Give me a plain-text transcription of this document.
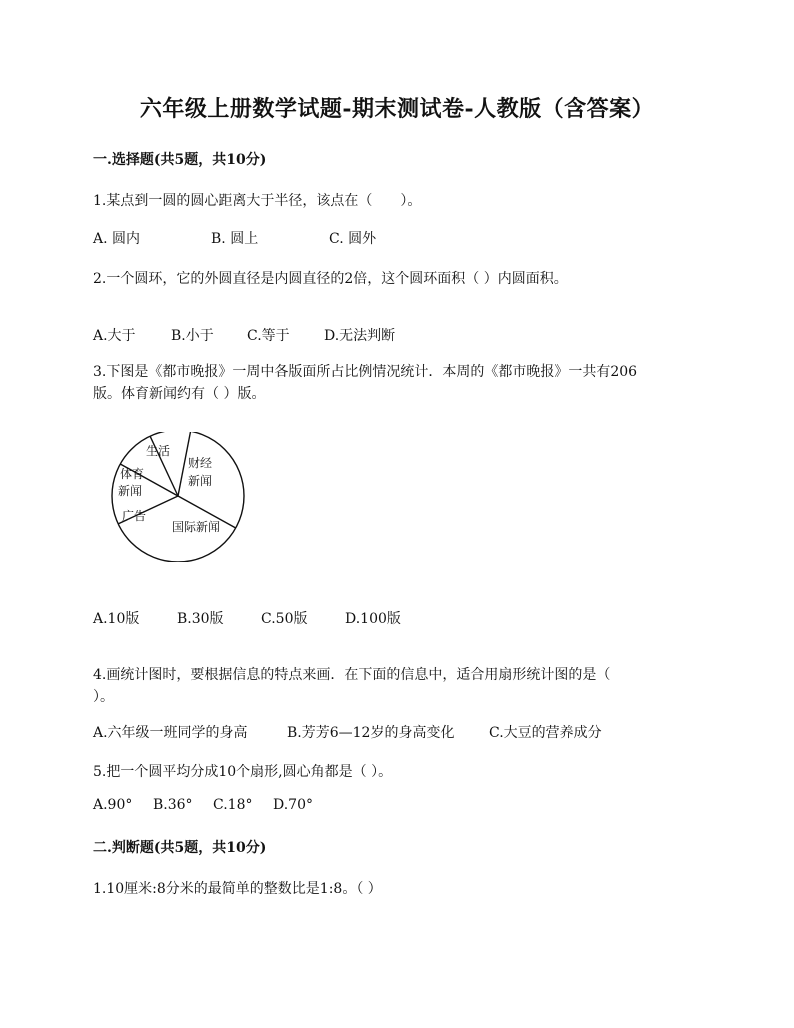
六年级上册数学试题-期末测试卷-人教版（含答案）
一.选择题(共5题，共10分)
1.某点到一圆的圆心距离大于半径，该点在（　　）。
A. 圆内	B. 圆上	C. 圆外
2.一个圆环，它的外圆直径是内圆直径的2倍，这个圆环面积（ ）内圆面积。
A.大于	B.小于 C.等于 D.无法判断
3.下图是《都市晚报》一周中各版面所占比例情况统计．本周的《都市晚报》一共有206
版。体育新闻约有（ ）版。
生活
财经
新闻
体育
新闻
广告
国际新闻
A.10版	B.30版	C.50版	D.100版
4.画统计图时，要根据信息的特点来画．在下面的信息中，适合用扇形统计图的是（
）。
A.六年级一班同学的身高	B.芳芳6—12岁的身高变化 C.大豆的营养成分
5.把一个圆平均分成10个扇形,圆心角都是（ ）。
A.90° B.36° C.18° D.70°
二.判断题(共5题，共10分)
1.10厘米:8分米的最简单的整数比是1:8。（ ）
